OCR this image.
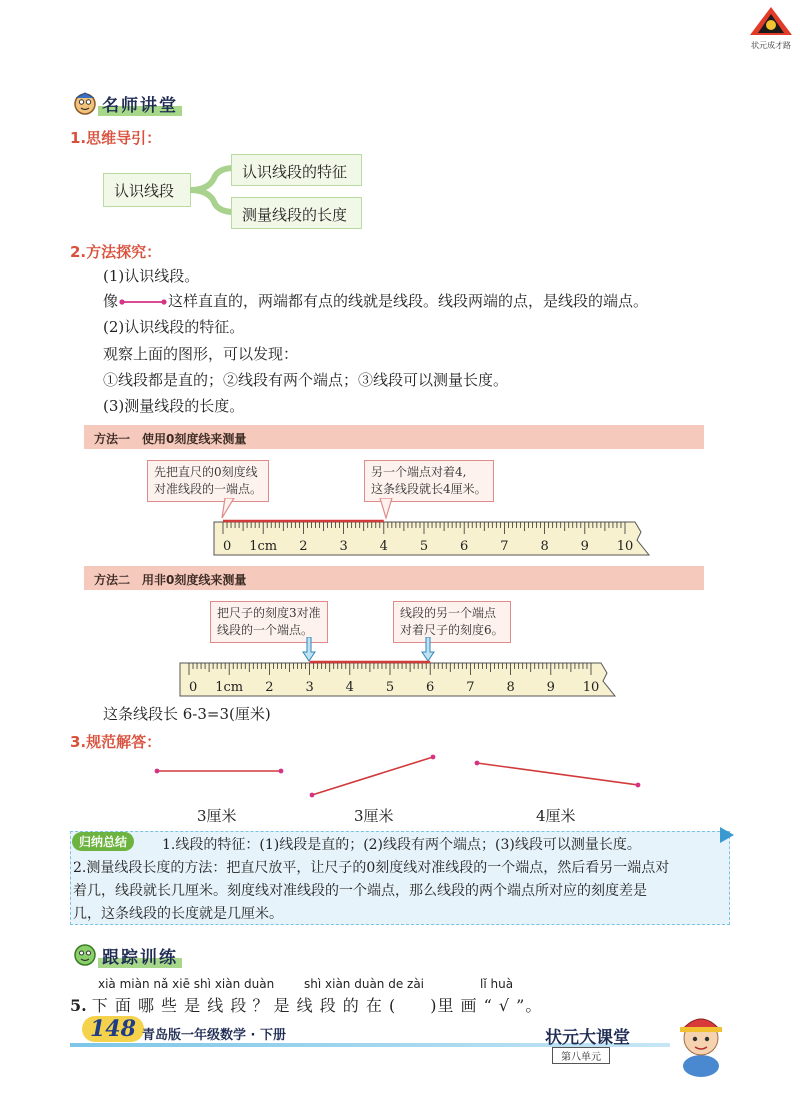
状元成才路
名师讲堂
1.思维导引：
认识线段
认识线段的特征
测量线段的长度
2.方法探究：
(1)认识线段。
像	这样直直的，两端都有点的线就是线段。线段两端的点，是线段的端点。
(2)认识线段的特征。
观察上面的图形，可以发现：
①线段都是直的；②线段有两个端点；③线段可以测量长度。
(3)测量线段的长度。
方法一　使用0刻度线来测量
先把直尺的0刻度线
对准线段的一端点。
另一个端点对着4,
这条线段就长4厘米。
0 1cm 2 3 4 5 6 7 8 9 10
方法二　用非0刻度线来测量
把尺子的刻度3对准
线段的一个端点。
线段的另一个端点
对着尺子的刻度6。
0 1cm 2 3 4 5 6 7 8 9 10
这条线段长 6-3=3(厘米)
3.规范解答：
3厘米	3厘米	4厘米
归纳总结	1.线段的特征：(1)线段是直的；(2)线段有两个端点；(3)线段可以测量长度。
2.测量线段长度的方法：把直尺放平，让尺子的0刻度线对准线段的一个端点，然后看另一端点对
着几，线段就长几厘米。刻度线对准线段的一个端点，那么线段的两个端点所对应的刻度差是
几，这条线段的长度就是几厘米。
跟踪训练
xià miàn nǎ xiē shì xiàn duàn shì xiàn duàn de zài	lǐ huà
5. 下 面 哪 些 是 线 段 ？ 是 线 段 的 在 (　　)里 画 “ √ ”。
148 青岛版一年级数学 · 下册	状元大课堂
第八单元
